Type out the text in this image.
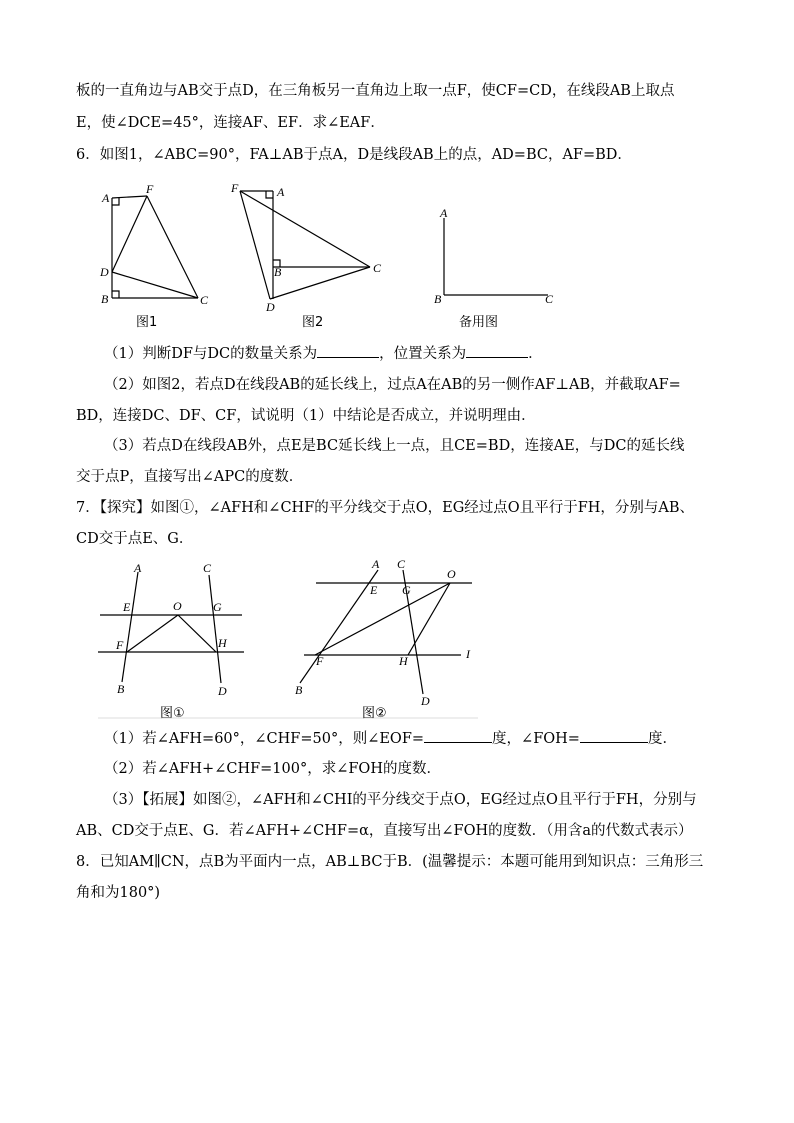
板的一直角边与AB交于点D，在三角板另一直角边上取一点F，使CF=CD，在线段AB上取点
E，使∠DCE=45°，连接AF、EF．求∠EAF．
6．如图1，∠ABC=90°，FA⊥AB于点A，D是线段AB上的点，AD=BC，AF=BD．
A
F
D
B	C
图1
F	A
B	C
D
图2
A
B	C
备用图
（1）判断DF与DC的数量关系为	，位置关系为	．
（2）如图2，若点D在线段AB的延长线上，过点A在AB的另一侧作AF⊥AB，并截取AF=
BD，连接DC、DF、CF，试说明（1）中结论是否成立，并说明理由．
（3）若点D在线段AB外，点E是BC延长线上一点，且CE=BD，连接AE，与DC的延长线
交于点P，直接写出∠APC的度数．
7．【探究】如图①，∠AFH和∠CHF的平分线交于点O，EG经过点O且平行于FH，分别与AB、
CD交于点E、G．
A	C
E	O	G
F	H
B	D
图①
A C
O
E G
F	H	I
B
D
图②
（1）若∠AFH=60°，∠CHF=50°，则∠EOF=	度，∠FOH=	度．
（2）若∠AFH+∠CHF=100°，求∠FOH的度数．
（3）【拓展】如图②，∠AFH和∠CHI的平分线交于点O，EG经过点O且平行于FH，分别与
AB、CD交于点E、G．若∠AFH+∠CHF=α，直接写出∠FOH的度数．（用含a的代数式表示）
8．已知AM∥CN，点B为平面内一点，AB⊥BC于B．(温馨提示：本题可能用到知识点：三角形三
角和为180°)
